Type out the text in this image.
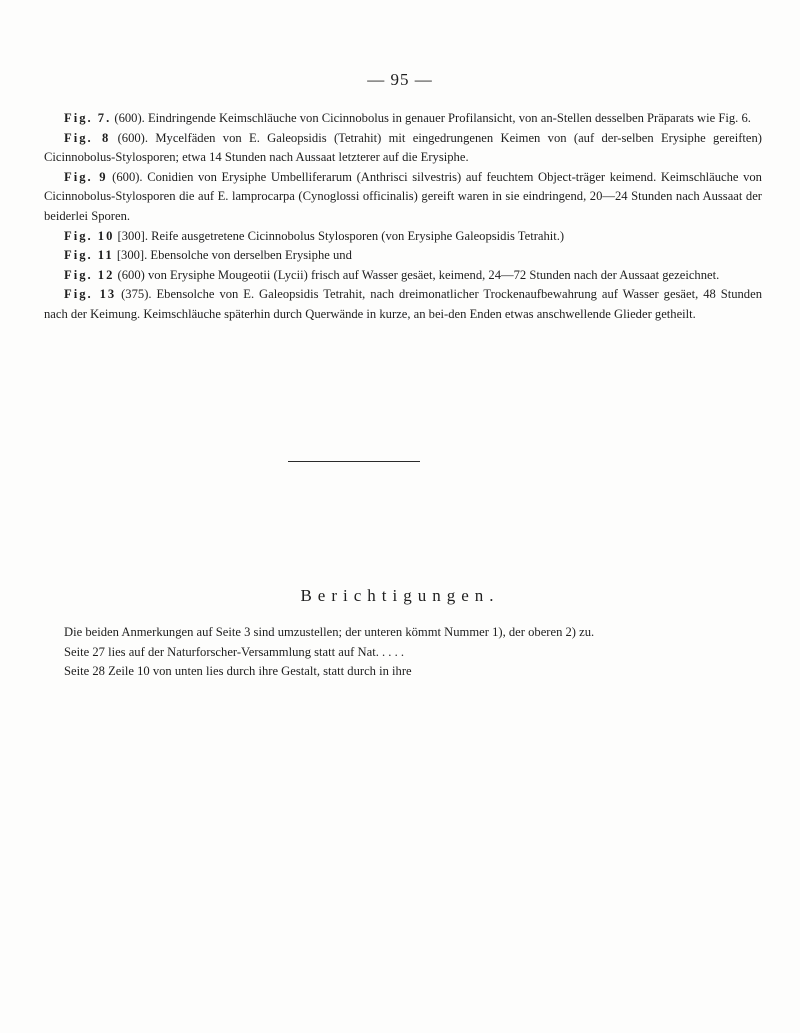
— 95 —

Fig. 7. (600). Eindringende Keimschläuche von Cicinnobolus in genauer Profilansicht, von an-Stellen desselben Präparats wie Fig. 6.

Fig. 8 (600). Mycelfäden von E. Galeopsidis (Tetrahit) mit eingedrungenen Keimen von (auf der-selben Erysiphe gereiften) Cicinnobolus-Stylosporen; etwa 14 Stunden nach Aussaat letzterer auf die Erysiphe.

Fig. 9 (600). Conidien von Erysiphe Umbelliferarum (Anthrisci silvestris) auf feuchtem Object-träger keimend. Keimschläuche von Cicinnobolus-Stylosporen die auf E. lamprocarpa (Cynoglossi officinalis) gereift waren in sie eindringend, 20—24 Stunden nach Aussaat der beiderlei Sporen.

Fig. 10 [300]. Reife ausgetretene Cicinnobolus Stylosporen (von Erysiphe Galeopsidis Tetrahit.)

Fig. 11 [300]. Ebensolche von derselben Erysiphe und

Fig. 12 (600) von Erysiphe Mougeotii (Lycii) frisch auf Wasser gesäet, keimend, 24—72 Stunden nach der Aussaat gezeichnet.

Fig. 13 (375). Ebensolche von E. Galeopsidis Tetrahit, nach dreimonatlicher Trockenaufbewahrung auf Wasser gesäet, 48 Stunden nach der Keimung. Keimschläuche späterhin durch Querwände in kurze, an bei-den Enden etwas anschwellende Glieder getheilt.

Berichtigungen.

Die beiden Anmerkungen auf Seite 3 sind umzustellen; der unteren kömmt Nummer 1), der oberen 2) zu.

Seite 27 lies auf der Naturforscher-Versammlung statt auf Nat. . . . .

Seite 28 Zeile 10 von unten lies durch ihre Gestalt, statt durch in ihre
